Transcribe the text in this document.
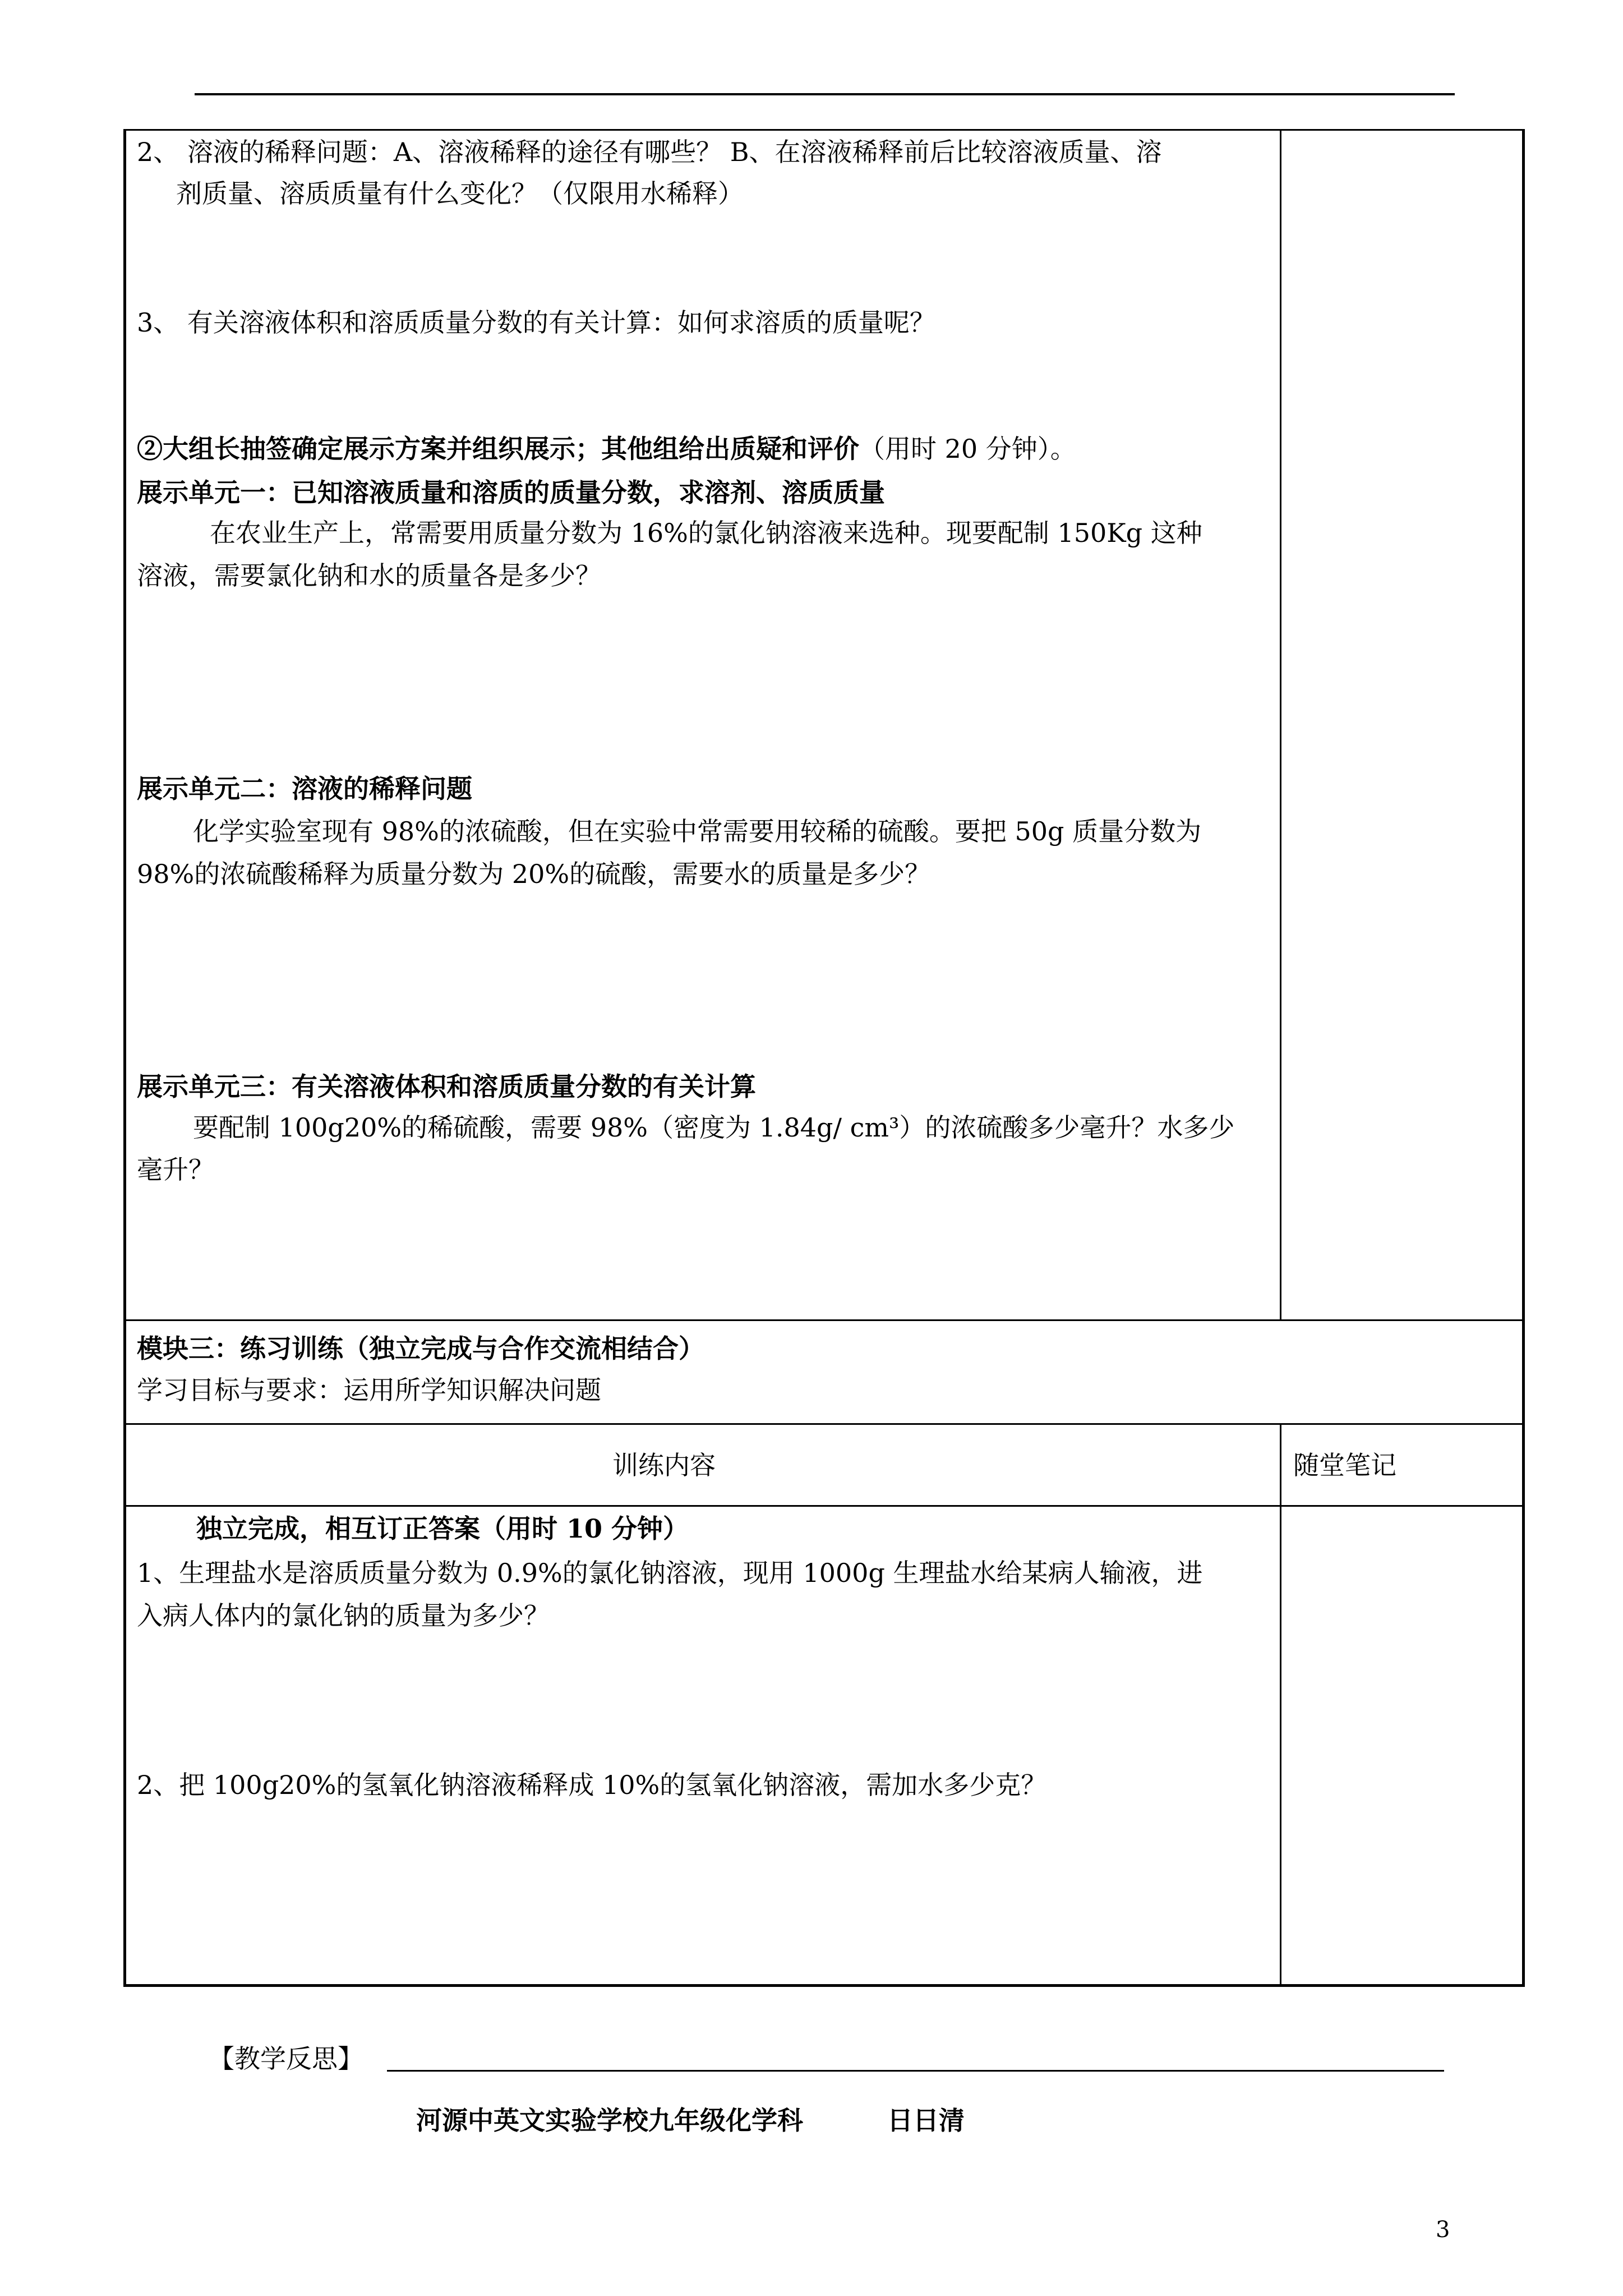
2、 溶液的稀释问题：A、溶液稀释的途径有哪些？ B、在溶液稀释前后比较溶液质量、溶
剂质量、溶质质量有什么变化？（仅限用水稀释）
3、 有关溶液体积和溶质质量分数的有关计算：如何求溶质的质量呢？
②大组长抽签确定展示方案并组织展示；其他组给出质疑和评价（用时 20 分钟）。
展示单元一：已知溶液质量和溶质的质量分数，求溶剂、溶质质量
在农业生产上，常需要用质量分数为 16%的氯化钠溶液来选种。现要配制 150Kg 这种
溶液，需要氯化钠和水的质量各是多少？
展示单元二：溶液的稀释问题
化学实验室现有 98%的浓硫酸，但在实验中常需要用较稀的硫酸。要把 50g 质量分数为
98%的浓硫酸稀释为质量分数为 20%的硫酸，需要水的质量是多少？
展示单元三：有关溶液体积和溶质质量分数的有关计算
要配制 100g20%的稀硫酸，需要 98%（密度为 1.84g/ cm³）的浓硫酸多少毫升？水多少
毫升？
模块三：练习训练（独立完成与合作交流相结合）
学习目标与要求：运用所学知识解决问题
训练内容	随堂笔记
独立完成，相互订正答案（用时 10 分钟）
1、生理盐水是溶质质量分数为 0.9%的氯化钠溶液，现用 1000g 生理盐水给某病人输液，进
入病人体内的氯化钠的质量为多少？
2、把 100g20%的氢氧化钠溶液稀释成 10%的氢氧化钠溶液，需加水多少克？
【教学反思】
河源中英文实验学校九年级化学科	日日清
3
